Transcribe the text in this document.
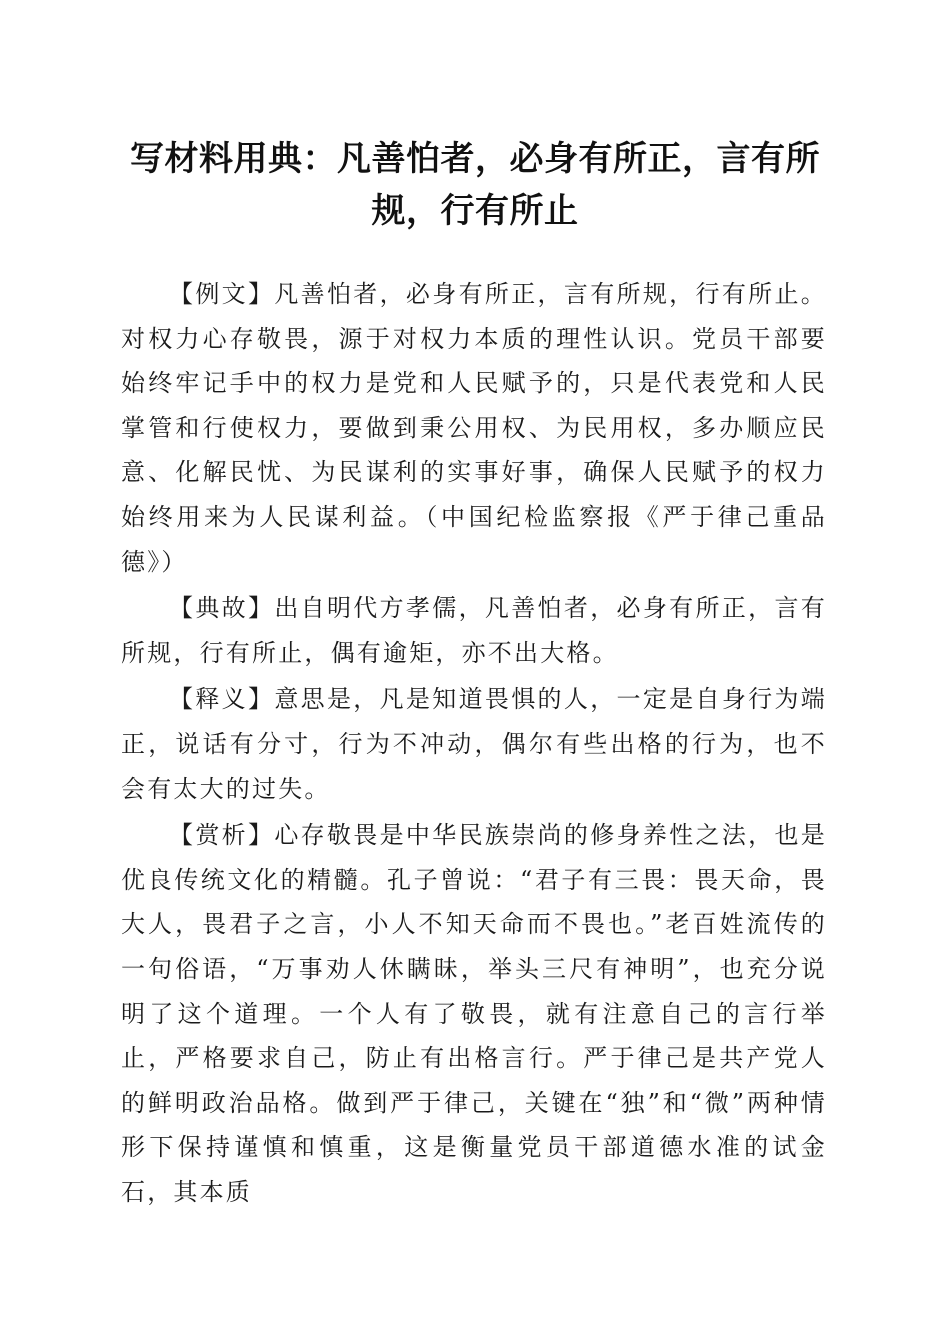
写材料用典：凡善怕者，必身有所正，言有所规，行有所止

【例文】凡善怕者，必身有所正，言有所规，行有所止。对权力心存敬畏，源于对权力本质的理性认识。党员干部要始终牢记手中的权力是党和人民赋予的，只是代表党和人民掌管和行使权力，要做到秉公用权、为民用权，多办顺应民意、化解民忧、为民谋利的实事好事，确保人民赋予的权力始终用来为人民谋利益。（中国纪检监察报《严于律己重品德》）

【典故】出自明代方孝儒，凡善怕者，必身有所正，言有所规，行有所止，偶有逾矩，亦不出大格。

【释义】意思是，凡是知道畏惧的人，一定是自身行为端正，说话有分寸，行为不冲动，偶尔有些出格的行为，也不会有太大的过失。

【赏析】心存敬畏是中华民族崇尚的修身养性之法，也是优良传统文化的精髓。孔子曾说：“君子有三畏：畏天命，畏大人，畏君子之言，小人不知天命而不畏也。”老百姓流传的一句俗语，“万事劝人休瞒昧，举头三尺有神明”，也充分说明了这个道理。一个人有了敬畏，就有注意自己的言行举止，严格要求自己，防止有出格言行。严于律己是共产党人的鲜明政治品格。做到严于律己，关键在“独”和“微”两种情形下保持谨慎和慎重，这是衡量党员干部道德水准的试金石，其本质
